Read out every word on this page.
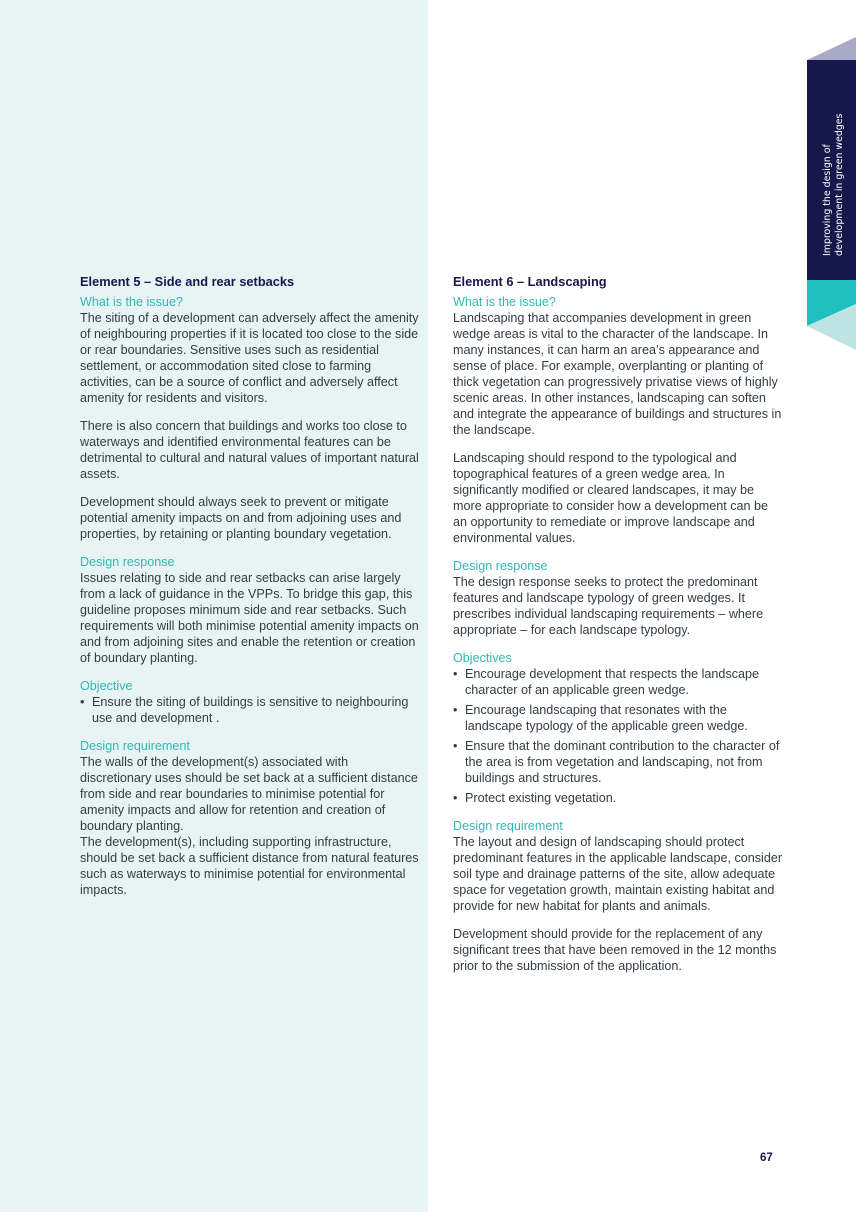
Improving the design of development in green wedges
Element 5 – Side and rear setbacks

What is the issue?

The siting of a development can adversely affect the amenity of neighbouring properties if it is located too close to the side or rear boundaries. Sensitive uses such as residential settlement, or accommodation sited close to farming activities, can be a source of conflict and adversely affect amenity for residents and visitors.

There is also concern that buildings and works too close to waterways and identified environmental features can be detrimental to cultural and natural values of important natural assets.

Development should always seek to prevent or mitigate potential amenity impacts on and from adjoining uses and properties, by retaining or planting boundary vegetation.

Design response

Issues relating to side and rear setbacks can arise largely from a lack of guidance in the VPPs. To bridge this gap, this guideline proposes minimum side and rear setbacks. Such requirements will both minimise potential amenity impacts on and from adjoining sites and enable the retention or creation of boundary planting.

Objective

• Ensure the siting of buildings is sensitive to neighbouring use and development .

Design requirement

The walls of the development(s) associated with discretionary uses should be set back at a sufficient distance from side and rear boundaries to minimise potential for amenity impacts and allow for retention and creation of boundary planting.

The development(s), including supporting infrastructure, should be set back a sufficient distance from natural features such as waterways to minimise potential for environmental impacts.

Element 6 – Landscaping

What is the issue?

Landscaping that accompanies development in green wedge areas is vital to the character of the landscape. In many instances, it can harm an area’s appearance and sense of place. For example, overplanting or planting of thick vegetation can progressively privatise views of highly scenic areas. In other instances, landscaping can soften and integrate the appearance of buildings and structures in the landscape.

Landscaping should respond to the typological and topographical features of a green wedge area. In significantly modified or cleared landscapes, it may be more appropriate to consider how a development can be an opportunity to remediate or improve landscape and environmental values.

Design response

The design response seeks to protect the predominant features and landscape typology of green wedges. It prescribes individual landscaping requirements – where appropriate – for each landscape typology.

Objectives

• Encourage development that respects the landscape character of an applicable green wedge.
• Encourage landscaping that resonates with the landscape typology of the applicable green wedge.
• Ensure that the dominant contribution to the character of the area is from vegetation and landscaping, not from buildings and structures.
• Protect existing vegetation.

Design requirement

The layout and design of landscaping should protect predominant features in the applicable landscape, consider soil type and drainage patterns of the site, allow adequate space for vegetation growth, maintain existing habitat and provide for new habitat for plants and animals.

Development should provide for the replacement of any significant trees that have been removed in the 12 months prior to the submission of the application.

67
